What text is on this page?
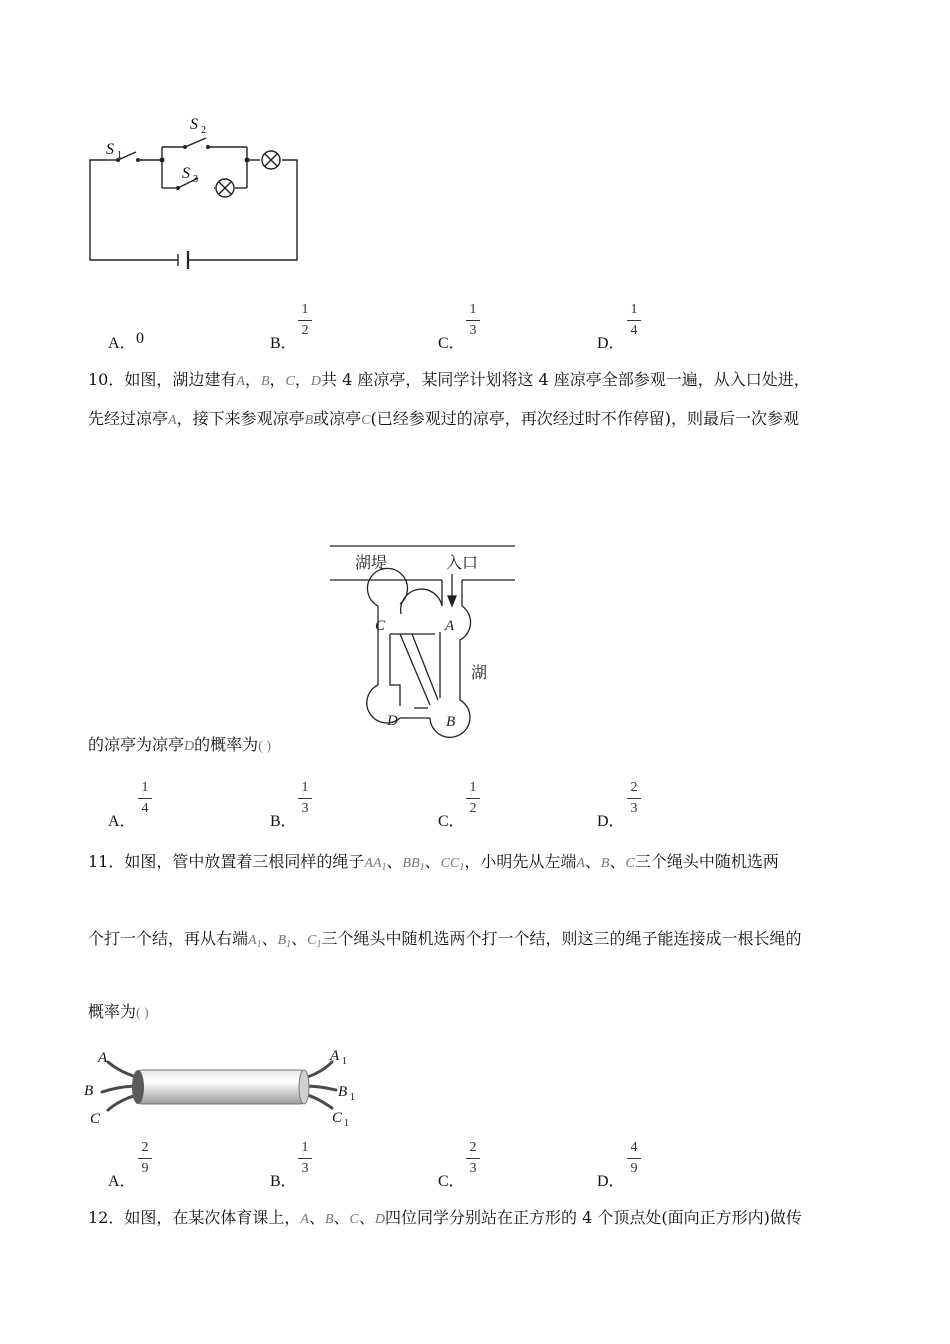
S 1
S 2
S 3
A． 0	B．
1
2
C．
1
3
D．
1
4
10．如图，湖边建有A，B，C，D共 4 座凉亭，某同学计划将这 4 座凉亭全部参观一遍，从入口处进，
先经过凉亭A，接下来参观凉亭B或凉亭C(已经参观过的凉亭，再次经过时不作停留)，则最后一次参观
湖堤	入口
湖
A
B
C
D
的凉亭为凉亭D的概率为( )
A．
1
4
B．
1
3
C．
1
2
D．
2
3
11．如图，管中放置着三根同样的绳子$AA_1$、$BB_1$、$CC_1$，小明先从左端A、B、C三个绳头中随机选两
个打一个结，再从右端$A_1$、$B_1$、$C_1$三个绳头中随机选两个打一个结，则这三的绳子能连接成一根长绳的
概率为( )
A
B
C
A 1
B 1
C 1
A．
2
9
B．
1
3
C．
2
3
D．
4
9
12．如图，在某次体育课上，A、B、C、D四位同学分别站在正方形的 4 个顶点处(面向正方形内)做传
